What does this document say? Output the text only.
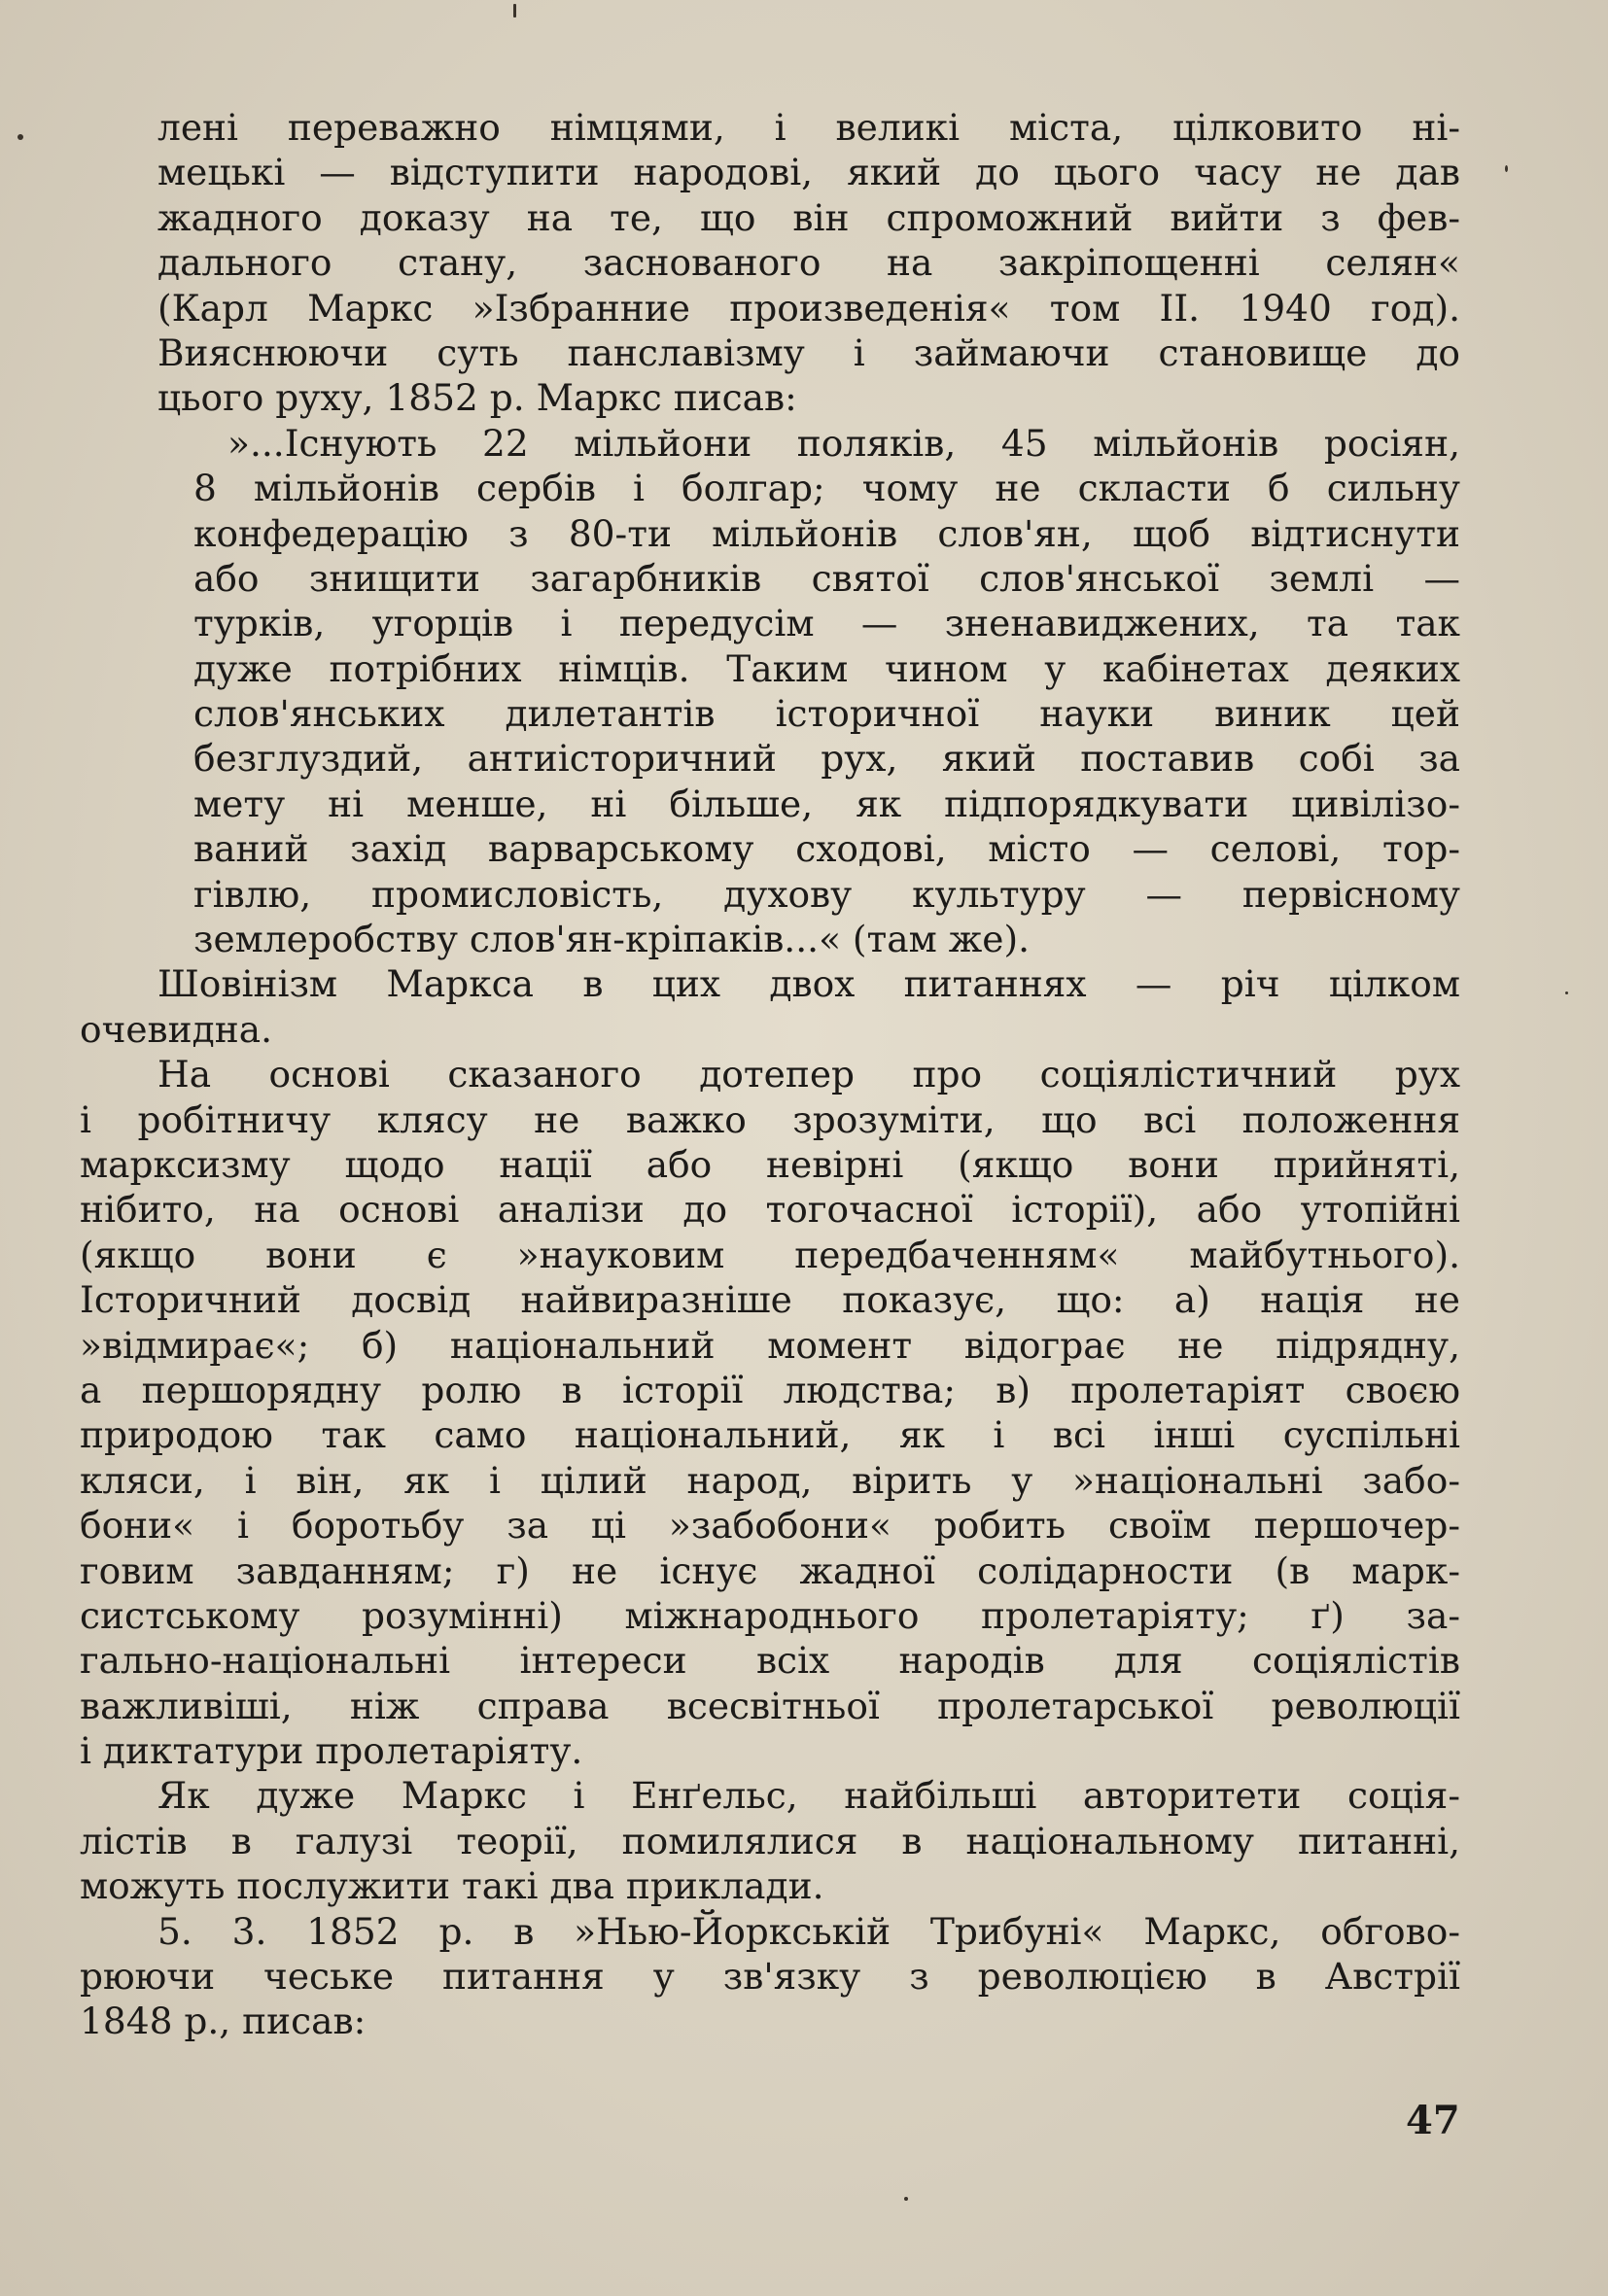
лені переважно німцями, і великі міста, цілковито ні-
мецькі — відступити народові, який до цього часу не дав
жадного доказу на те, що він спроможний вийти з фев-
дального стану, заснованого на закріпощенні селян«
(Карл Маркс »Ізбранние произведенія« том II. 1940 год).
Вияснюючи суть панславізму і займаючи становище до
цього руху, 1852 р. Маркс писав:
»...Існують 22 мільйони поляків, 45 мільйонів росіян,
8 мільйонів сербів і болгар; чому не скласти б сильну
конфедерацію з 80-ти мільйонів слов'ян, щоб відтиснути
або знищити загарбників святої слов'янської землі —
турків, угорців і передусім — зненавиджених, та так
дуже потрібних німців. Таким чином у кабінетах деяких
слов'янських дилетантів історичної науки виник цей
безглуздий, антиісторичний рух, який поставив собі за
мету ні менше, ні більше, як підпорядкувати цивілізо-
ваний захід варварському сходові, місто — селові, тор-
гівлю, промисловість, духову культуру — первісному
землеробству слов'ян-кріпаків...« (там же).
Шовінізм Маркса в цих двох питаннях — річ цілком
очевидна.
На основі сказаного дотепер про соціялістичний рух
і робітничу клясу не важко зрозуміти, що всі положення
марксизму щодо нації або невірні (якщо вони прийняті,
нібито, на основі аналізи до тогочасної історії), або утопійні
(якщо вони є »науковим передбаченням« майбутнього).
Історичний досвід найвиразніше показує, що: а) нація не
»відмирає«; б) національний момент відограє не підрядну,
а першорядну ролю в історії людства; в) пролетаріят своєю
природою так само національний, як і всі інші суспільні
кляси, і він, як і цілий народ, вірить у »національні забо-
бони« і боротьбу за ці »забобони« робить своїм першочер-
говим завданням; г) не існує жадної солідарности (в марк-
систському розумінні) міжнароднього пролетаріяту; ґ) за-
гально-національні інтереси всіх народів для соціялістів
важливіші, ніж справа всесвітньої пролетарської революції
і диктатури пролетаріяту.
Як дуже Маркс і Енґельс, найбільші авторитети соція-
лістів в галузі теорії, помилялися в національному питанні,
можуть послужити такі два приклади.
5. 3. 1852 р. в »Нью-Йоркській Трибуні« Маркс, обгово-
рюючи чеське питання у зв'язку з революцією в Австрії
1848 р., писав:
47
